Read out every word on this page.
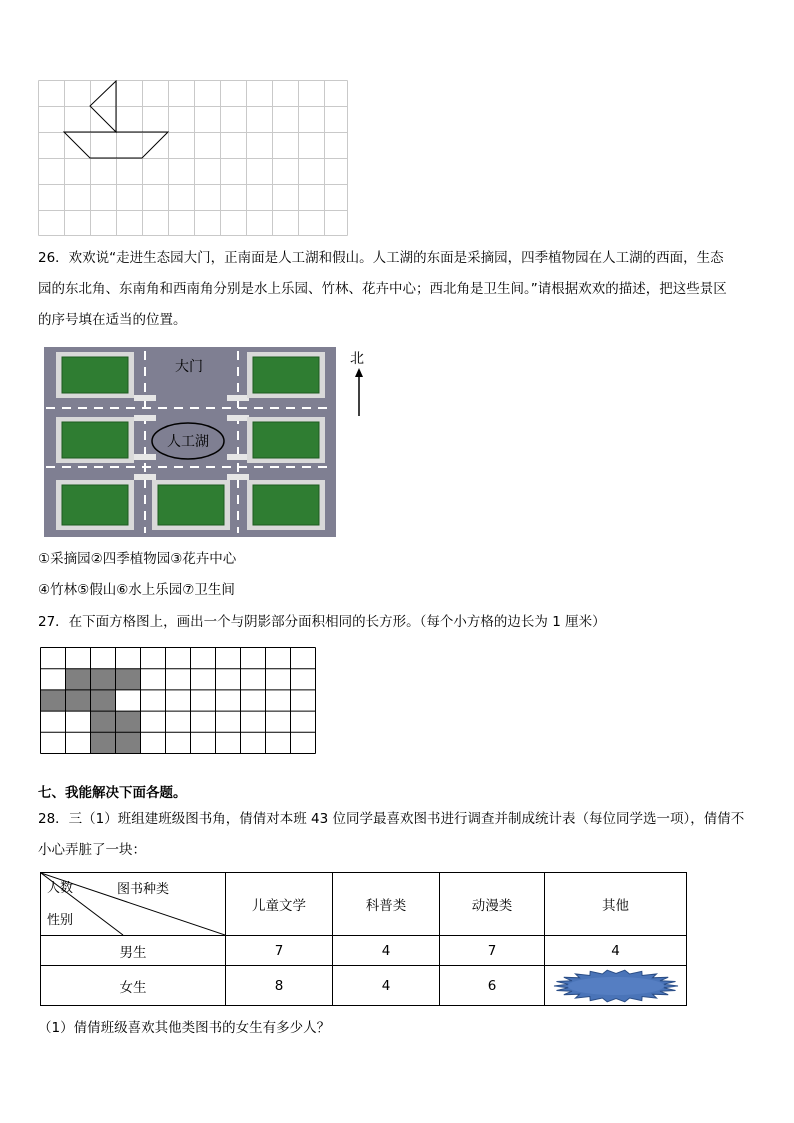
26．欢欢说“走进生态园大门，正南面是人工湖和假山。人工湖的东面是采摘园，四季植物园在人工湖的西面，生态
园的东北角、东南角和西南角分别是水上乐园、竹林、花卉中心；西北角是卫生间。”请根据欢欢的描述，把这些景区
的序号填在适当的位置。
大门
人工湖
北
①采摘园②四季植物园③花卉中心
④竹林⑤假山⑥水上乐园⑦卫生间
27．在下面方格图上，画出一个与阴影部分面积相同的长方形。（每个小方格的边长为 1 厘米）
七、我能解决下面各题。
28．三（1）班组建班级图书角，倩倩对本班 43 位同学最喜欢图书进行调查并制成统计表（每位同学选一项），倩倩不
小心弄脏了一块：
人数 图书种类
性别	儿童文学	科普类	动漫类	其他
男生	7	4	7	4
女生	8	4	6	
（1）倩倩班级喜欢其他类图书的女生有多少人？
